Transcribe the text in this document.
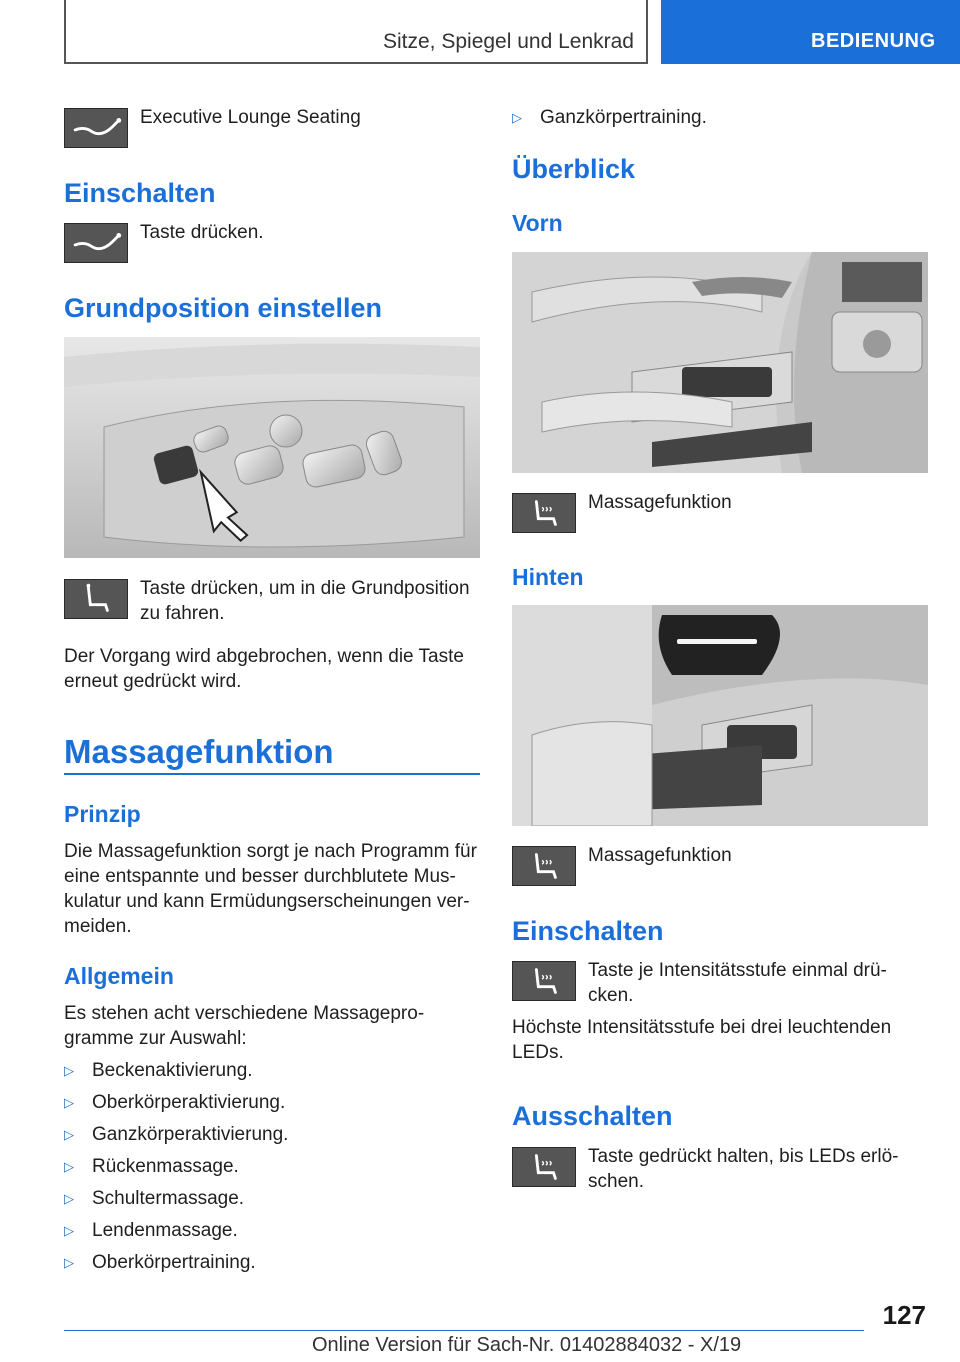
Sitze, Spiegel und Lenkrad	BEDIENUNG
Executive Lounge Seating
Einschalten
Taste drücken.
Grundposition einstellen
Taste drücken, um in die Grundposition
zu fahren.
Der Vorgang wird abgebrochen, wenn die Taste
erneut gedrückt wird.
Massagefunktion
Prinzip
Die Massagefunktion sorgt je nach Programm für
eine entspannte und besser durchblutete Mus-
kulatur und kann Ermüdungserscheinungen ver-
meiden.
Allgemein
Es stehen acht verschiedene Massagepro-
gramme zur Auswahl:
▷ Beckenaktivierung.
▷ Oberkörperaktivierung.
▷ Ganzkörperaktivierung.
▷ Rückenmassage.
▷ Schultermassage.
▷ Lendenmassage.
▷ Oberkörpertraining.
▷ Ganzkörpertraining.
Überblick
Vorn
Massagefunktion
Hinten
Massagefunktion
Einschalten
Taste je Intensitätsstufe einmal drü-
cken.
Höchste Intensitätsstufe bei drei leuchtenden
LEDs.
Ausschalten
Taste gedrückt halten, bis LEDs erlö-
schen.
127
Online Version für Sach-Nr. 01402884032 - X/19
